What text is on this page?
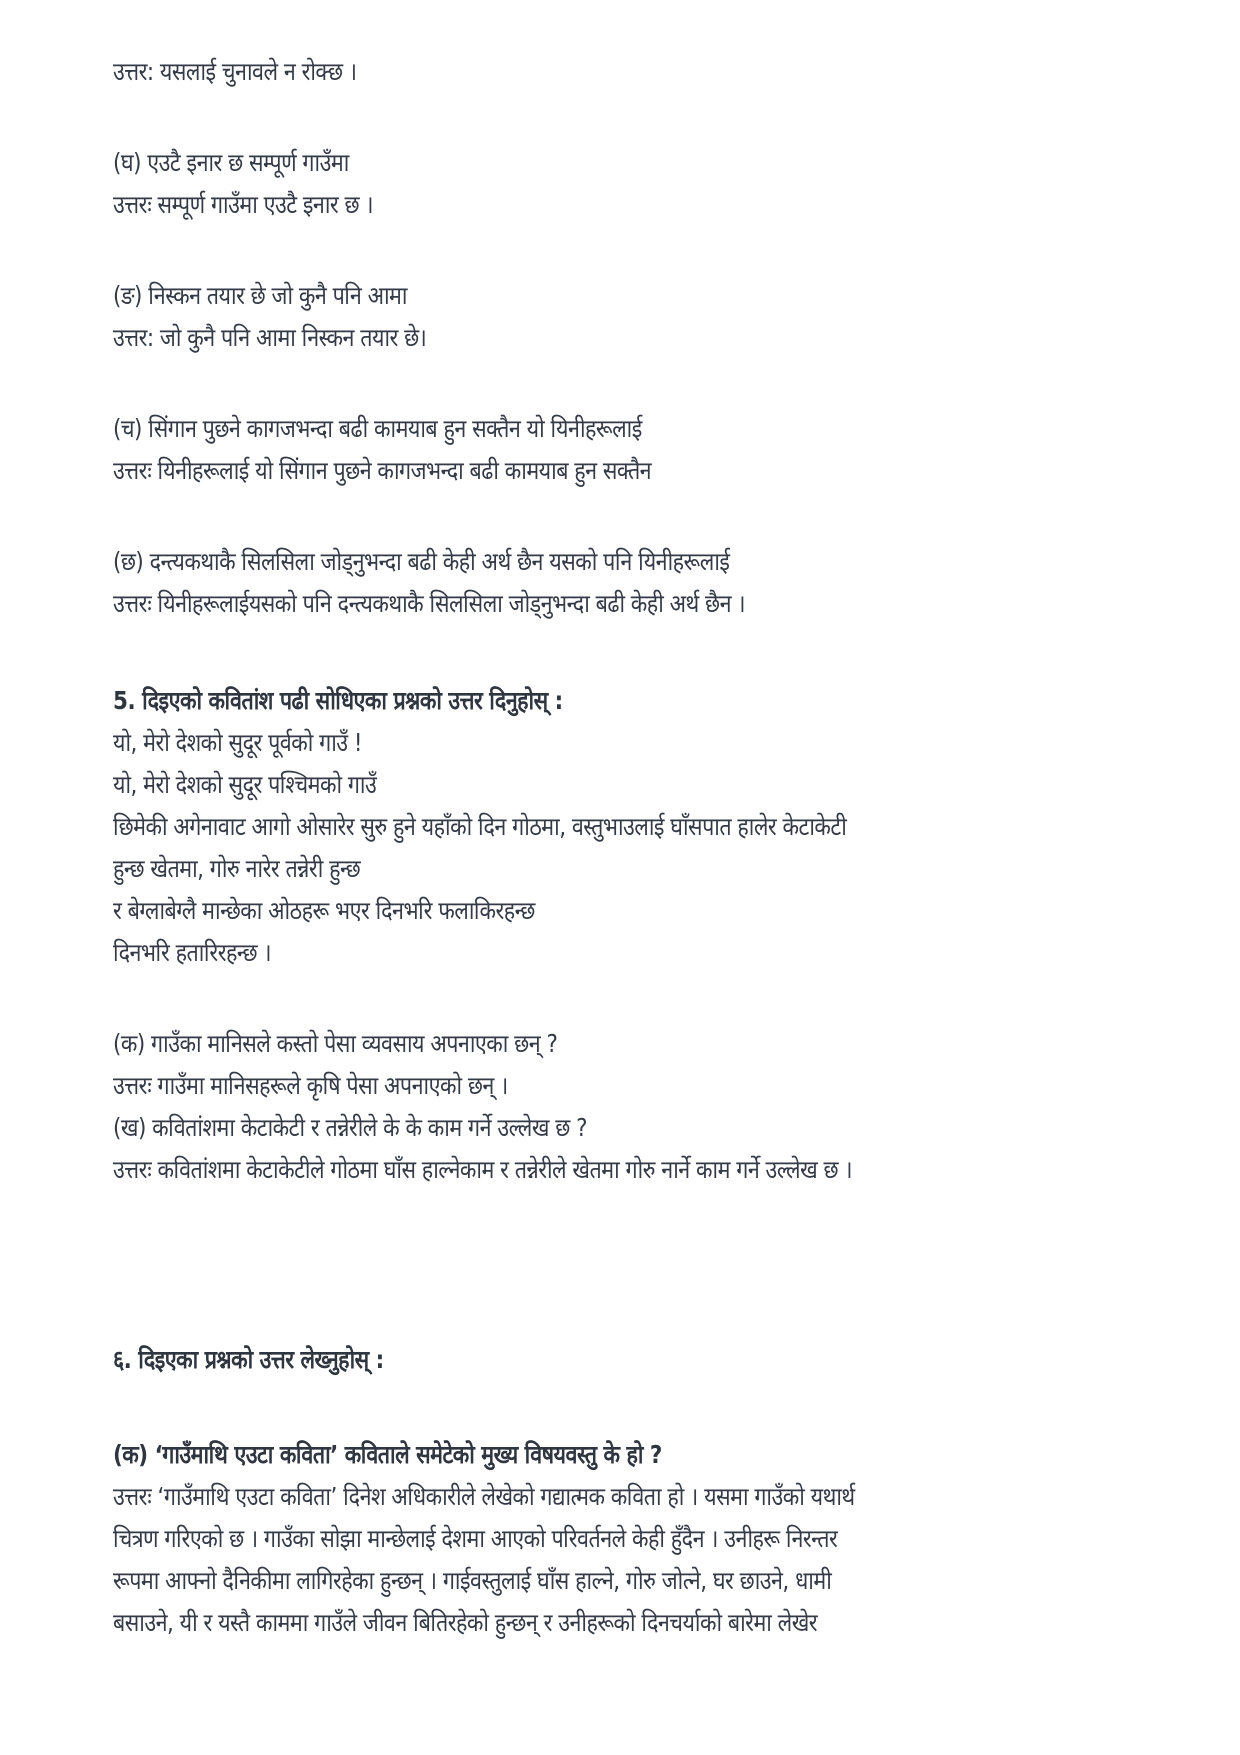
उत्तर: यसलाई चुनावले न रोक्छ ।
(घ) एउटै इनार छ सम्पूर्ण गाउँमा
उत्तरः सम्पूर्ण गाउँमा एउटै इनार छ ।
(ङ) निस्कन तयार छे जो कुनै पनि आमा
उत्तर: जो कुनै पनि आमा निस्कन तयार छे।
(च) सिंगान पुछने कागजभन्दा बढी कामयाब हुन सक्तैन यो यिनीहरूलाई
उत्तरः यिनीहरूलाई यो सिंगान पुछने कागजभन्दा बढी कामयाब हुन सक्तैन
(छ) दन्त्यकथाकै सिलसिला जोड्नुभन्दा बढी केही अर्थ छैन यसको पनि यिनीहरूलाई
उत्तरः यिनीहरूलाईयसको पनि दन्त्यकथाकै सिलसिला जोड्नुभन्दा बढी केही अर्थ छैन ।
5. दिइएको कवितांश पढी सोधिएका प्रश्नको उत्तर दिनुहोस् :
यो, मेरो देशको सुदूर पूर्वको गाउँ !
यो, मेरो देशको सुदूर पश्चिमको गाउँ
छिमेकी अगेनावाट आगो ओसारेर सुरु हुने यहाँको दिन गोठमा, वस्तुभाउलाई घाँसपात हालेर केटाकेटी
हुन्छ खेतमा, गोरु नारेर तन्नेरी हुन्छ
र बेग्लाबेग्लै मान्छेका ओठहरू भएर दिनभरि फलाकिरहन्छ
दिनभरि हतारिरहन्छ ।
(क) गाउँका मानिसले कस्तो पेसा व्यवसाय अपनाएका छन् ?
उत्तरः गाउँमा मानिसहरूले कृषि पेसा अपनाएको छन् ।
(ख) कवितांशमा केटाकेटी र तन्नेरीले के के काम गर्ने उल्लेख छ ?
उत्तरः कवितांशमा केटाकेटीले गोठमा घाँस हाल्नेकाम र तन्नेरीले खेतमा गोरु नार्ने काम गर्ने उल्लेख छ ।
६. दिइएका प्रश्नको उत्तर लेख्नुहोस् :
(क) ‘गाउँमाथि एउटा कविता’ कविताले समेटेको मुख्य विषयवस्तु के हो ?
उत्तरः ‘गाउँमाथि एउटा कविता’ दिनेश अधिकारीले लेखेको गद्यात्मक कविता हो । यसमा गाउँको यथार्थ
चित्रण गरिएको छ । गाउँका सोझा मान्छेलाई देशमा आएको परिवर्तनले केही हुँदैन । उनीहरू निरन्तर
रूपमा आफ्नो दैनिकीमा लागिरहेका हुन्छन् । गाईवस्तुलाई घाँस हाल्ने, गोरु जोत्ने, घर छाउने, धामी
बसाउने, यी र यस्तै काममा गाउँले जीवन बितिरहेको हुन्छन् र उनीहरूको दिनचर्याको बारेमा लेखेर
